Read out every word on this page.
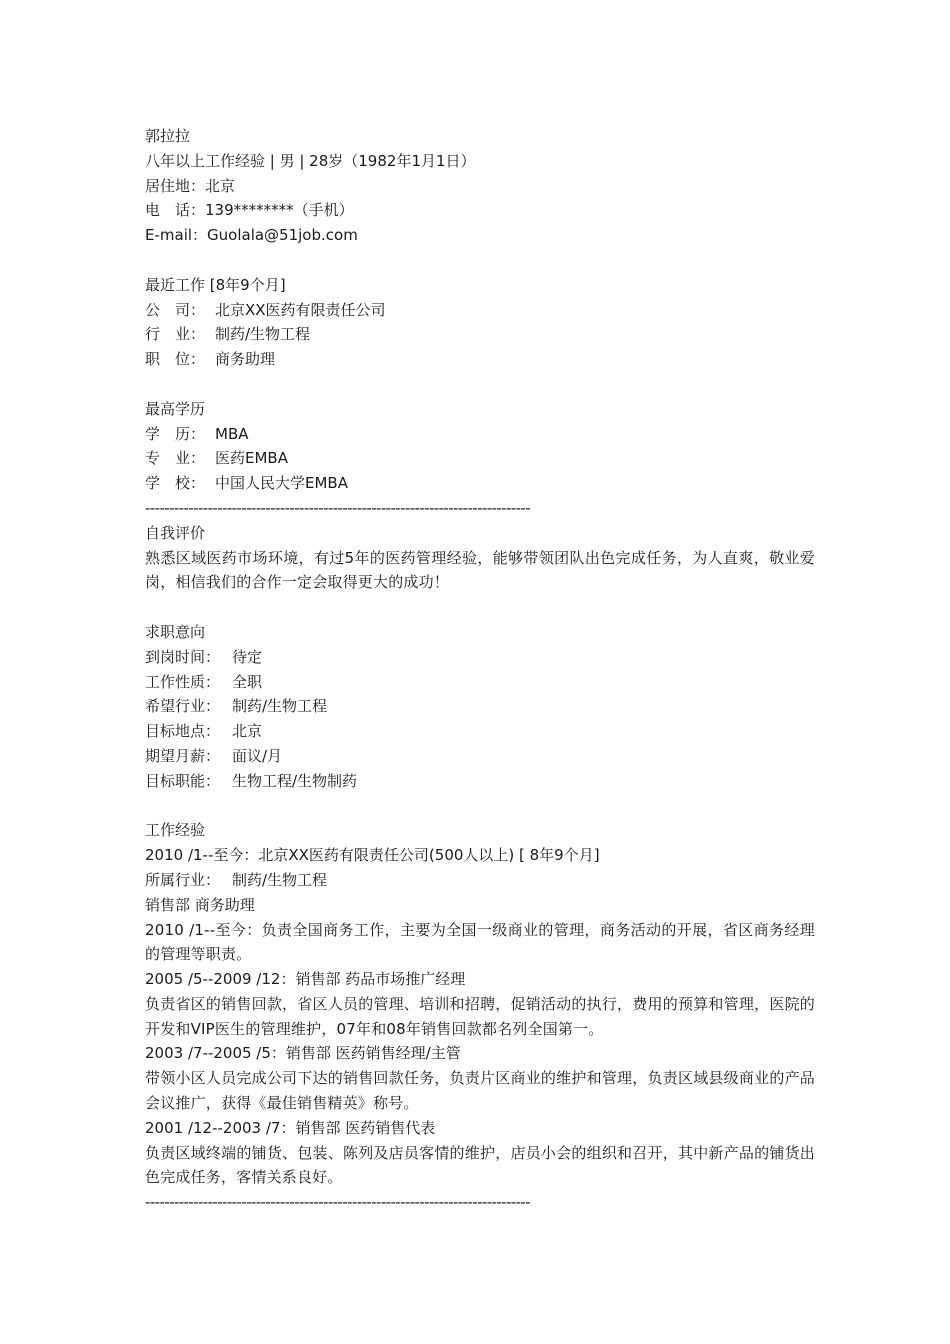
郭拉拉
八年以上工作经验 | 男 | 28岁（1982年1月1日）
居住地：北京
电　话：139********（手机）
E-mail：Guolala@51job.com
最近工作 [8年9个月]
公　司： 北京XX医药有限责任公司
行　业： 制药/生物工程
职　位： 商务助理
最高学历
学　历： MBA
专　业： 医药EMBA
学　校： 中国人民大学EMBA
--------------------------------------------------------------------------------
自我评价
熟悉区域医药市场环境，有过5年的医药管理经验，能够带领团队出色完成任务，为人直爽，敬业爱岗，相信我们的合作一定会取得更大的成功！
求职意向
到岗时间： 待定
工作性质： 全职
希望行业： 制药/生物工程
目标地点： 北京
期望月薪： 面议/月
目标职能： 生物工程/生物制药
工作经验
2010 /1--至今：北京XX医药有限责任公司(500人以上) [ 8年9个月]
所属行业： 制药/生物工程
销售部 商务助理
2010 /1--至今：负责全国商务工作，主要为全国一级商业的管理，商务活动的开展，省区商务经理的管理等职责。
2005 /5--2009 /12：销售部 药品市场推广经理
负责省区的销售回款，省区人员的管理、培训和招聘，促销活动的执行，费用的预算和管理，医院的开发和VIP医生的管理维护，07年和08年销售回款都名列全国第一。
2003 /7--2005 /5：销售部 医药销售经理/主管
带领小区人员完成公司下达的销售回款任务，负责片区商业的维护和管理，负责区域县级商业的产品会议推广，获得《最佳销售精英》称号。
2001 /12--2003 /7：销售部 医药销售代表
负责区域终端的铺货、包装、陈列及店员客情的维护，店员小会的组织和召开，其中新产品的铺货出色完成任务，客情关系良好。
--------------------------------------------------------------------------------
